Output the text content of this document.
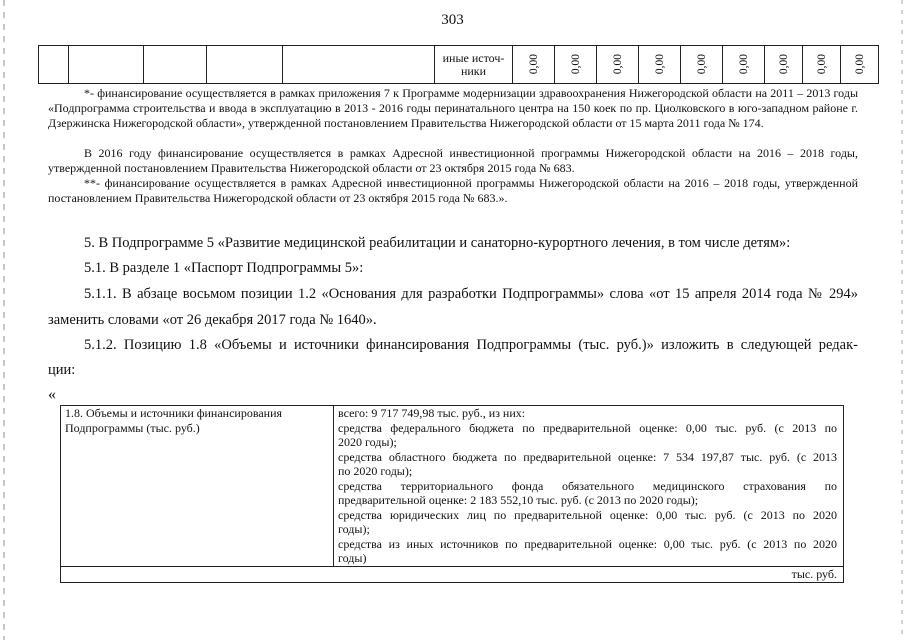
303
					иные источ-
ники	0,00	0,00	0,00	0,00	0,00	0,00	0,00	0,00	0,00
*- финансирование осуществляется в рамках приложения 7 к Программе модернизации здравоохранения Нижегородской области на 2011 – 2013 годы «Подпрограмма строительства и ввода в эксплуатацию в 2013 - 2016 годы перинатального центра на 150 коек по пр. Циолковского в юго-западном районе г. Дзержинска Нижегородской области», утвержденной постановлением Правительства Нижегородской области от 15 марта 2011 года № 174.
В 2016 году финансирование осуществляется в рамках Адресной инвестиционной программы Нижегородской области на 2016 – 2018 годы, утвержденной постановлением Правительства Нижегородской области от 23 октября 2015 года № 683.
**- финансирование осуществляется в рамках Адресной инвестиционной программы Нижегородской области на 2016 – 2018 годы, утвержденной постановлением Правительства Нижегородской области от 23 октября 2015 года № 683.».
5. В Подпрограмме 5 «Развитие медицинской реабилитации и санаторно-курортного лечения, в том числе детям»:
5.1. В разделе 1 «Паспорт Подпрограммы 5»:
5.1.1. В абзаце восьмом позиции 1.2 «Основания для разработки Подпрограммы» слова «от 15 апреля 2014 года № 294»
заменить словами «от 26 декабря 2017 года № 1640».
5.1.2. Позицию 1.8 «Объемы и источники финансирования Подпрограммы (тыс. руб.)» изложить в следующей редак-
ции:
«
1.8. Объемы и источники финансирования
Подпрограммы (тыс. руб.)	
всего: 9 717 749,98 тыс. руб., из них:
средства федерального бюджета по предварительной оценке: 0,00 тыс. руб. (с 2013 по
2020 годы);
средства областного бюджета по предварительной оценке: 7 534 197,87 тыс. руб. (с 2013
по 2020 годы);
средства территориального фонда обязательного медицинского страхования по
предварительной оценке: 2 183 552,10 тыс. руб. (с 2013 по 2020 годы);
средства юридических лиц по предварительной оценке: 0,00 тыс. руб. (с 2013 по 2020
годы);
средства из иных источников по предварительной оценке: 0,00 тыс. руб. (с 2013 по 2020
годы)

тыс. руб.
